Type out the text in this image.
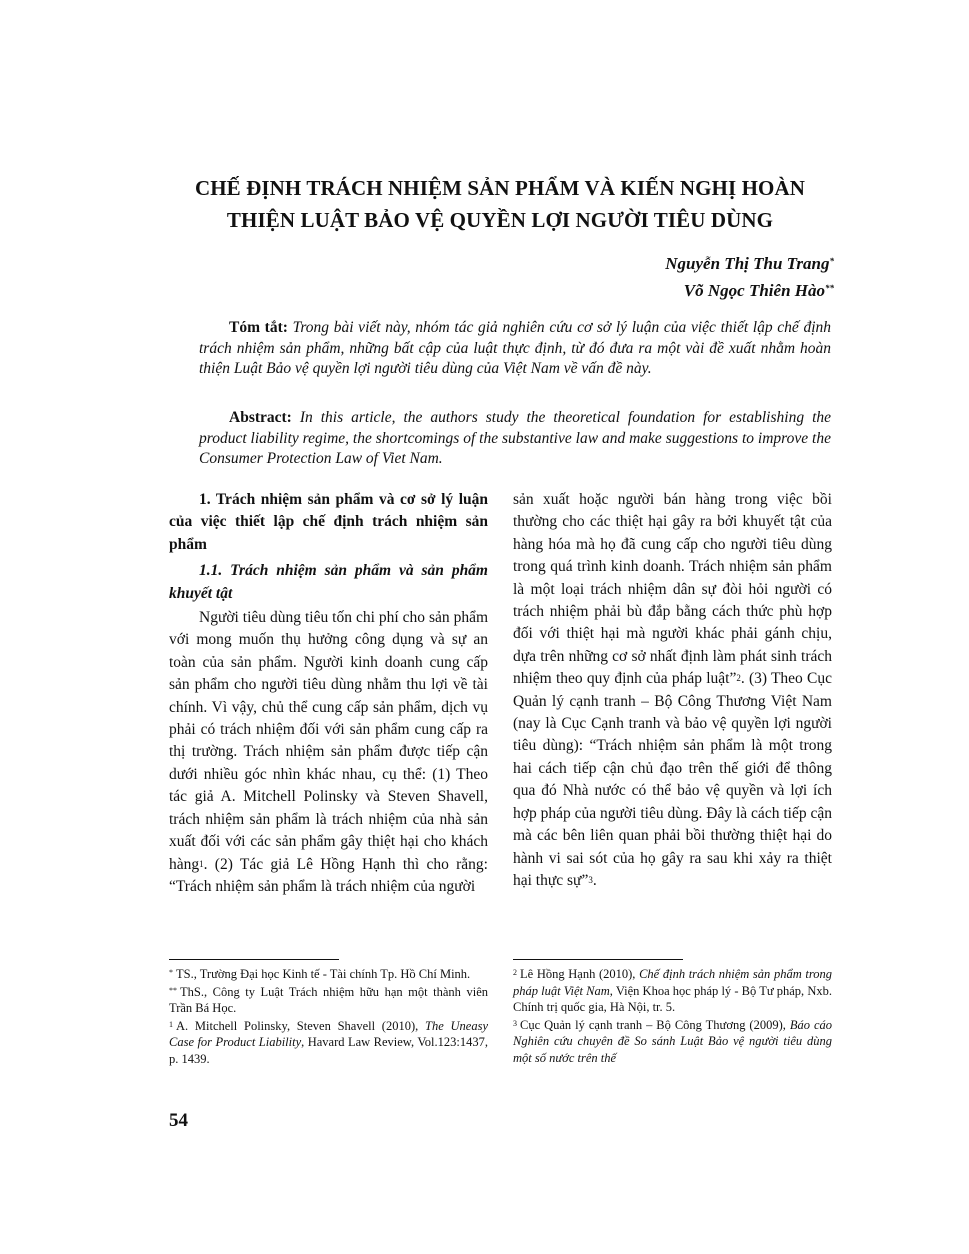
CHẾ ĐỊNH TRÁCH NHIỆM SẢN PHẨM VÀ KIẾN NGHỊ HOÀN
THIỆN LUẬT BẢO VỆ QUYỀN LỢI NGƯỜI TIÊU DÙNG
Nguyễn Thị Thu Trang*
Võ Ngọc Thiên Hào**
Tóm tắt: Trong bài viết này, nhóm tác giả nghiên cứu cơ sở lý luận của việc thiết lập chế định trách nhiệm sản phẩm, những bất cập của luật thực định, từ đó đưa ra một vài đề xuất nhằm hoàn thiện Luật Bảo vệ quyền lợi người tiêu dùng của Việt Nam về vấn đề này.
Abstract: In this article, the authors study the theoretical foundation for establishing the product liability regime, the shortcomings of the substantive law and make suggestions to improve the Consumer Protection Law of Viet Nam.

1. Trách nhiệm sản phẩm và cơ sở lý luận của việc thiết lập chế định trách nhiệm sản phẩm

1.1. Trách nhiệm sản phẩm và sản phẩm khuyết tật

Người tiêu dùng tiêu tốn chi phí cho sản phẩm với mong muốn thụ hưởng công dụng và sự an toàn của sản phẩm. Người kinh doanh cung cấp sản phẩm cho người tiêu dùng nhằm thu lợi về tài chính. Vì vậy, chủ thể cung cấp sản phẩm, dịch vụ phải có trách nhiệm đối với sản phẩm cung cấp ra thị trường. Trách nhiệm sản phẩm được tiếp cận dưới nhiều góc nhìn khác nhau, cụ thể: (1) Theo tác giả A. Mitchell Polinsky và Steven Shavell, trách nhiệm sản phẩm là trách nhiệm của nhà sản xuất đối với các sản phẩm gây thiệt hại cho khách hàng$^1$. (2) Tác giả Lê Hồng Hạnh thì cho rằng: “Trách nhiệm sản phẩm là trách nhiệm của người

sản xuất hoặc người bán hàng trong việc bồi thường cho các thiệt hại gây ra bởi khuyết tật của hàng hóa mà họ đã cung cấp cho người tiêu dùng trong quá trình kinh doanh. Trách nhiệm sản phẩm là một loại trách nhiệm dân sự đòi hỏi người có trách nhiệm phải bù đắp bằng cách thức phù hợp đối với thiệt hại mà người khác phải gánh chịu, dựa trên những cơ sở nhất định làm phát sinh trách nhiệm theo quy định của pháp luật”$^2$. (3) Theo Cục Quản lý cạnh tranh – Bộ Công Thương Việt Nam (nay là Cục Cạnh tranh và bảo vệ quyền lợi người tiêu dùng): “Trách nhiệm sản phẩm là một trong hai cách tiếp cận chủ đạo trên thế giới để thông qua đó Nhà nước có thể bảo vệ quyền và lợi ích hợp pháp của người tiêu dùng. Đây là cách tiếp cận mà các bên liên quan phải bồi thường thiệt hại do hành vi sai sót của họ gây ra sau khi xảy ra thiệt hại thực sự”$^3$.

* TS., Trường Đại học Kinh tế - Tài chính Tp. Hồ Chí Minh.

** ThS., Công ty Luật Trách nhiệm hữu hạn một thành viên Trần Bá Học.

$^1$ A. Mitchell Polinsky, Steven Shavell (2010), The Uneasy Case for Product Liability, Havard Law Review, Vol.123:1437, p. 1439.

$^2$ Lê Hồng Hạnh (2010), Chế định trách nhiệm sản phẩm trong pháp luật Việt Nam, Viện Khoa học pháp lý - Bộ Tư pháp, Nxb. Chính trị quốc gia, Hà Nội, tr. 5.

$^3$ Cục Quản lý cạnh tranh – Bộ Công Thương (2009), Báo cáo Nghiên cứu chuyên đề So sánh Luật Bảo vệ người tiêu dùng một số nước trên thế

54
